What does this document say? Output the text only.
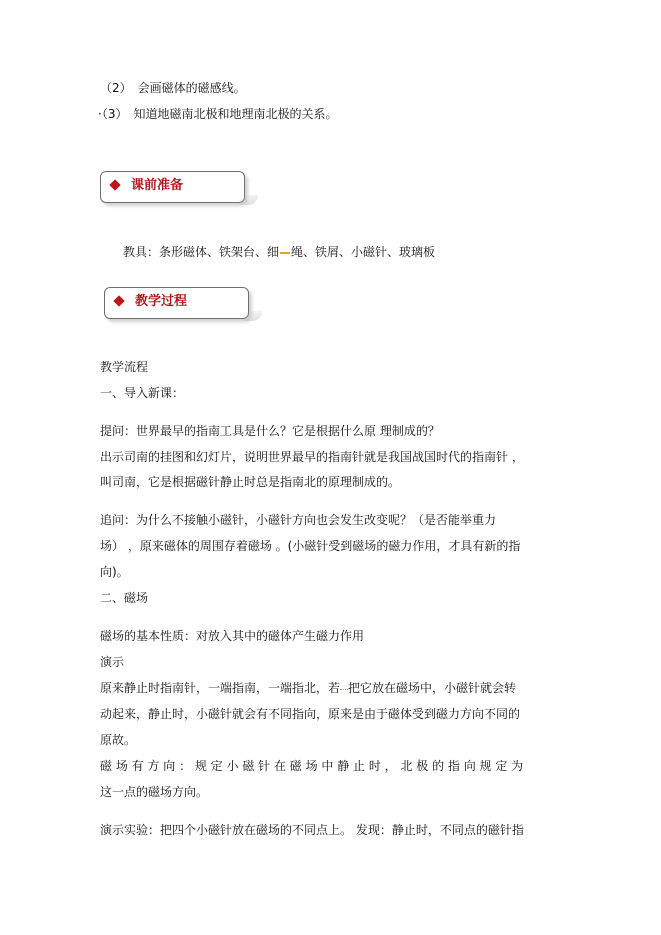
（2） 会画磁体的磁感线。
·（3） 知道地磁南北极和地理南北极的关系。
课前准备
教具：条形磁体、铁架台、细 绳、铁屑、小磁针、玻璃板
教学过程
教学流程
一、导入新课：
提问：世界最早的指南工具是什么？它是根据什么原 理制成的？
出示司南的挂图和幻灯片，说明世界最早的指南针就是我国战国时代的指南针 ，
叫司南，它是根据磁针静止时总是指南北的原理制成的。
追问：为什么不接触小磁针，小磁针方向也会发生改变呢？（是否能举重力
场） ，原来磁体的周围存着磁场 。(小磁针受到磁场的磁力作用，才具有新的指
向)。
二、磁场
磁场的基本性质：对放入其中的磁体产生磁力作用
演示
原来静止时指南针，一端指南，一端指北，若 把它放在磁场中，小磁针就会转
动起来，静止时，小磁针就会有不同指向，原来是由于磁体受到磁力方向不同的
原故。
磁 场 有 方 向 ： 规 定 小 磁 针 在 磁 场 中 静 止 时 ， 北 极 的 指 向 规 定 为
这一点的磁场方向。
演示实验：把四个小磁针放在磁场的不同点上。 发现：静止时，不同点的磁针指
